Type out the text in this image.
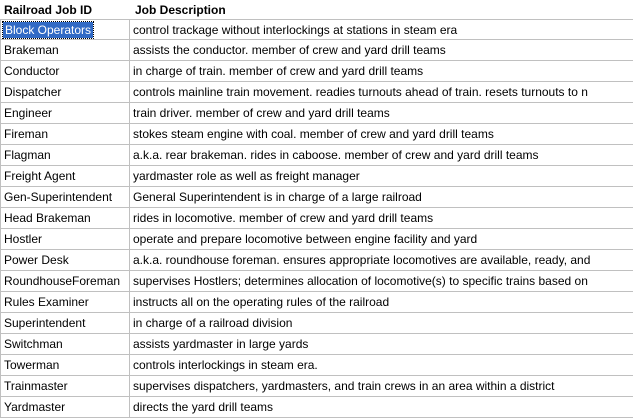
Railroad Job ID	Job Description
Block Operators	control trackage without interlockings at stations in steam era
Brakeman	assists the conductor. member of crew and yard drill teams
Conductor	in charge of train. member of crew and yard drill teams
Dispatcher	controls mainline train movement. readies turnouts ahead of train. resets turnouts to n
Engineer	train driver. member of crew and yard drill teams
Fireman	stokes steam engine with coal. member of crew and yard drill teams
Flagman	a.k.a. rear brakeman. rides in caboose. member of crew and yard drill teams
Freight Agent	yardmaster role as well as freight manager
Gen-Superintendent	General Superintendent is in charge of a large railroad
Head Brakeman	rides in locomotive. member of crew and yard drill teams
Hostler	operate and prepare locomotive between engine facility and yard
Power Desk	a.k.a. roundhouse foreman. ensures appropriate locomotives are available, ready, and
RoundhouseForeman	supervises Hostlers; determines allocation of locomotive(s) to specific trains based on
Rules Examiner	instructs all on the operating rules of the railroad
Superintendent	in charge of a railroad division
Switchman	assists yardmaster in large yards
Towerman	controls interlockings in steam era.
Trainmaster	supervises dispatchers, yardmasters, and train crews in an area within a district
Yardmaster	directs the yard drill teams
